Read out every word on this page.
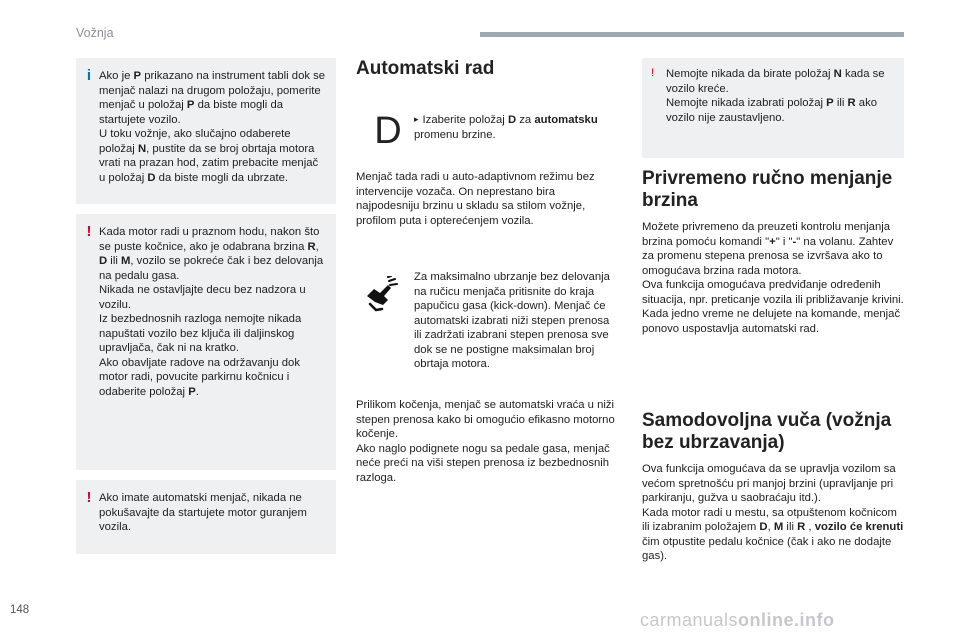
Vožnja
i Ako je P prikazano na instrument tabli dok se menjač nalazi na drugom položaju, pomerite menjač u položaj P da biste mogli da startujete vozilo.
U toku vožnje, ako slučajno odaberete položaj N, pustite da se broj obrtaja motora vrati na prazan hod, zatim prebacite menjač u položaj D da biste mogli da ubrzate.
! Kada motor radi u praznom hodu, nakon što se puste kočnice, ako je odabrana brzina R, D ili M, vozilo se pokreće čak i bez delovanja na pedalu gasa.
Nikada ne ostavljajte decu bez nadzora u vozilu.
Iz bezbednosnih razloga nemojte nikada napuštati vozilo bez ključa ili daljinskog upravljača, čak ni na kratko.
Ako obavljate radove na održavanju dok motor radi, povucite parkirnu kočnicu i odaberite položaj P.
! Ako imate automatski menjač, nikada ne pokušavajte da startujete motor guranjem vozila.
Automatski rad
D	▸ Izaberite položaj D za automatsku promenu brzine.
Menjač tada radi u auto-adaptivnom režimu bez intervencije vozača. On neprestano bira najpodesniju brzinu u skladu sa stilom vožnje, profilom puta i opterećenjem vozila.
Za maksimalno ubrzanje bez delovanja na ručicu menjača pritisnite do kraja papučicu gasa (kick-down). Menjač će automatski izabrati niži stepen prenosa ili zadržati izabrani stepen prenosa sve dok se ne postigne maksimalan broj obrtaja motora.
Prilikom kočenja, menjač se automatski vraća u niži stepen prenosa kako bi omogućio efikasno motorno kočenje.
Ako naglo podignete nogu sa pedale gasa, menjač neće preći na viši stepen prenosa iz bezbednosnih razloga.
! Nemojte nikada da birate položaj N kada se vozilo kreće.
Nemojte nikada izabrati položaj P ili R ako vozilo nije zaustavljeno.
Privremeno ručno menjanje brzina
Možete privremeno da preuzeti kontrolu menjanja brzina pomoću komandi "+" i "-" na volanu. Zahtev za promenu stepena prenosa se izvršava ako to omogućava brzina rada motora.
Ova funkcija omogućava predviđanje određenih situacija, npr. preticanje vozila ili približavanje krivini.
Kada jedno vreme ne delujete na komande, menjač ponovo uspostavlja automatski rad.
Samodovoljna vuča (vožnja bez ubrzavanja)
Ova funkcija omogućava da se upravlja vozilom sa većom spretnošću pri manjoj brzini (upravljanje pri parkiranju, gužva u saobraćaju itd.).
Kada motor radi u mestu, sa otpuštenom kočnicom ili izabranim položajem D, M ili R , vozilo će krenuti čim otpustite pedalu kočnice (čak i ako ne dodajte gas).
148	carmanualsonline.info
